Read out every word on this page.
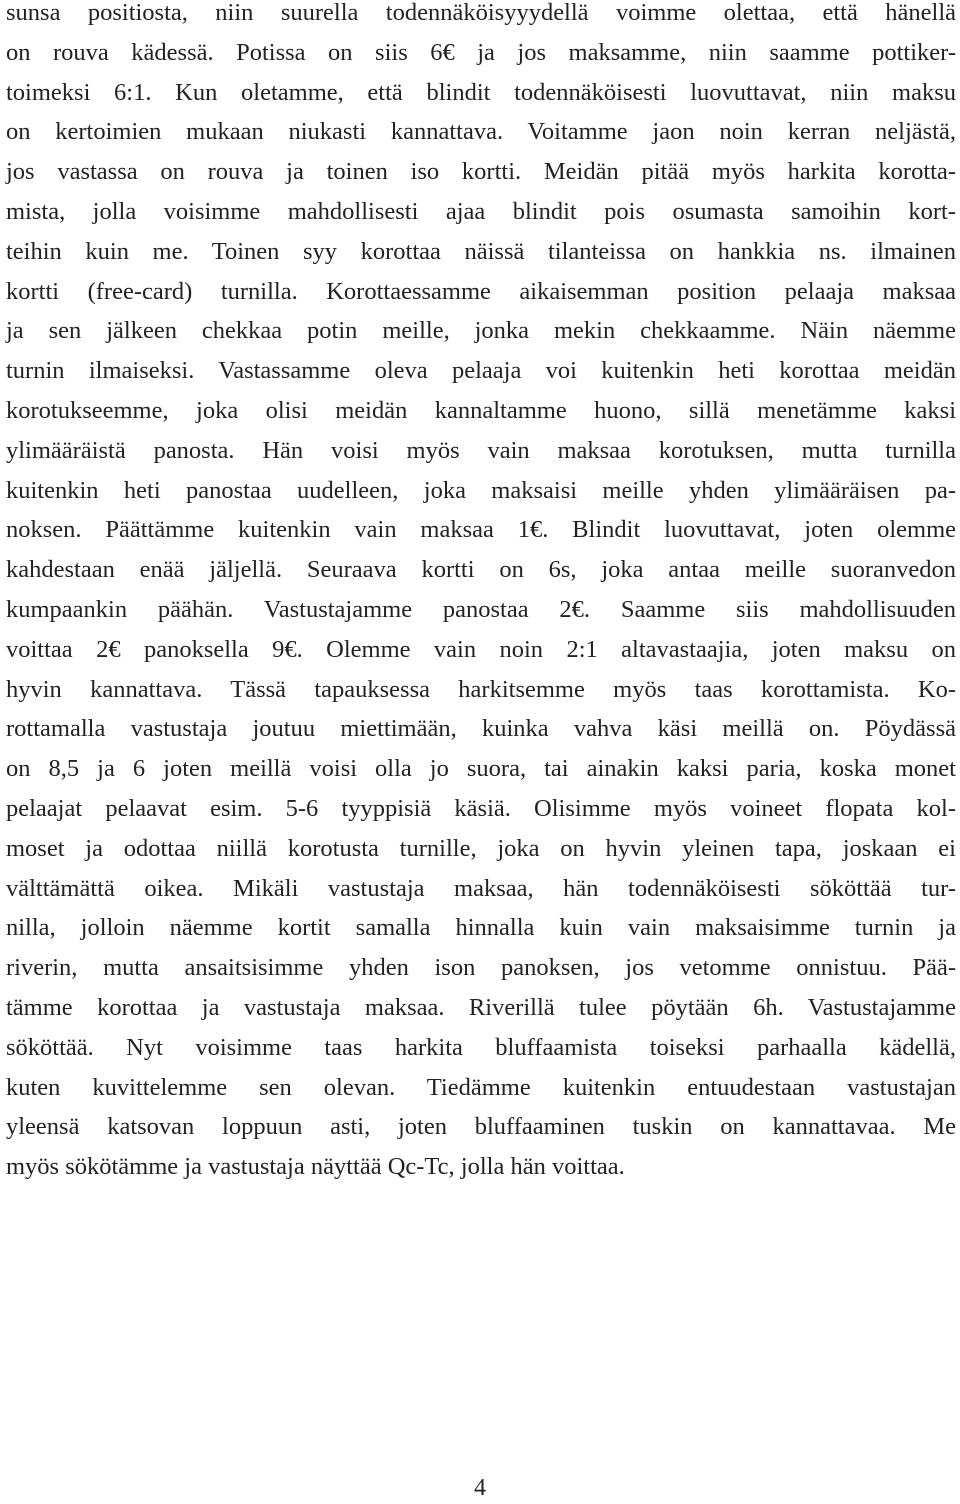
sunsa positiosta, niin suurella todennäköisyyydellä voimme olettaa, että hänellä
on rouva kädessä. Potissa on siis 6€ ja jos maksamme, niin saamme pottiker-
toimeksi 6:1. Kun oletamme, että blindit todennäköisesti luovuttavat, niin maksu
on kertoimien mukaan niukasti kannattava. Voitamme jaon noin kerran neljästä,
jos vastassa on rouva ja toinen iso kortti. Meidän pitää myös harkita korotta-
mista, jolla voisimme mahdollisesti ajaa blindit pois osumasta samoihin kort-
teihin kuin me. Toinen syy korottaa näissä tilanteissa on hankkia ns. ilmainen
kortti (free-card) turnilla. Korottaessamme aikaisemman position pelaaja maksaa
ja sen jälkeen chekkaa potin meille, jonka mekin chekkaamme. Näin näemme
turnin ilmaiseksi. Vastassamme oleva pelaaja voi kuitenkin heti korottaa meidän
korotukseemme, joka olisi meidän kannaltamme huono, sillä menetämme kaksi
ylimääräistä panosta. Hän voisi myös vain maksaa korotuksen, mutta turnilla
kuitenkin heti panostaa uudelleen, joka maksaisi meille yhden ylimääräisen pa-
noksen. Päättämme kuitenkin vain maksaa 1€. Blindit luovuttavat, joten olemme
kahdestaan enää jäljellä. Seuraava kortti on 6s, joka antaa meille suoranvedon
kumpaankin päähän. Vastustajamme panostaa 2€. Saamme siis mahdollisuuden
voittaa 2€ panoksella 9€. Olemme vain noin 2:1 altavastaajia, joten maksu on
hyvin kannattava. Tässä tapauksessa harkitsemme myös taas korottamista. Ko-
rottamalla vastustaja joutuu miettimään, kuinka vahva käsi meillä on. Pöydässä
on 8,5 ja 6 joten meillä voisi olla jo suora, tai ainakin kaksi paria, koska monet
pelaajat pelaavat esim. 5-6 tyyppisiä käsiä. Olisimme myös voineet flopata kol-
moset ja odottaa niillä korotusta turnille, joka on hyvin yleinen tapa, joskaan ei
välttämättä oikea. Mikäli vastustaja maksaa, hän todennäköisesti sököttää tur-
nilla, jolloin näemme kortit samalla hinnalla kuin vain maksaisimme turnin ja
riverin, mutta ansaitsisimme yhden ison panoksen, jos vetomme onnistuu. Pää-
tämme korottaa ja vastustaja maksaa. Riverillä tulee pöytään 6h. Vastustajamme
sököttää. Nyt voisimme taas harkita bluffaamista toiseksi parhaalla kädellä,
kuten kuvittelemme sen olevan. Tiedämme kuitenkin entuudestaan vastustajan
yleensä katsovan loppuun asti, joten bluffaaminen tuskin on kannattavaa. Me
myös sökötämme ja vastustaja näyttää Qc-Tc, jolla hän voittaa.
4
